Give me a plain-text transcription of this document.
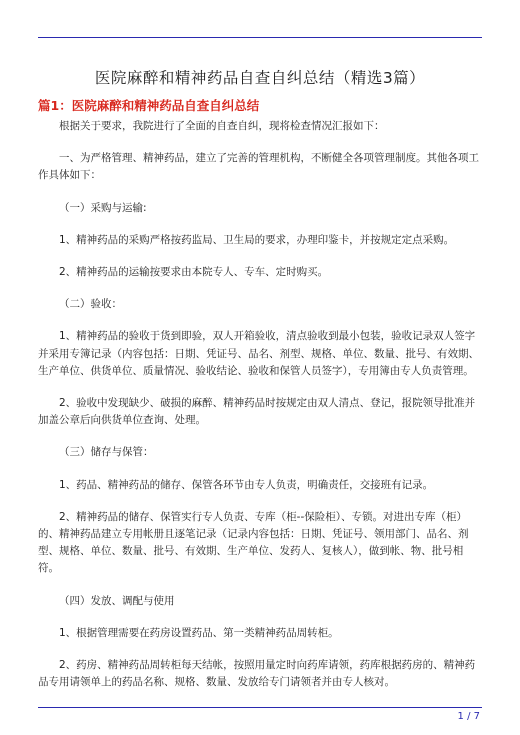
医院麻醉和精神药品自查自纠总结（精选3篇）
篇1：医院麻醉和精神药品自查自纠总结

根据关于要求，我院进行了全面的自查自纠，现将检查情况汇报如下：

一、为严格管理、精神药品，建立了完善的管理机构，不断健全各项管理制度。其他各项工作具体如下：

（一）采购与运输:

1、精神药品的采购严格按药监局、卫生局的要求，办理印鉴卡，并按规定定点采购。

2、精神药品的运输按要求由本院专人、专车、定时购买。

（二）验收：

1、精神药品的验收于货到即验，双人开箱验收，清点验收到最小包装，验收记录双人签字并采用专簿记录（内容包括：日期、凭证号、品名、剂型、规格、单位、数量、批号、有效期、生产单位、供货单位、质量情况、验收结论、验收和保管人员签字），专用簿由专人负责管理。

2、验收中发现缺少、破损的麻醉、精神药品时按规定由双人清点、登记，报院领导批准并加盖公章后向供货单位查询、处理。

（三）储存与保管：

1、药品、精神药品的储存、保管各环节由专人负责，明确责任，交接班有记录。

2、精神药品的储存、保管实行专人负责、专库（柜--保险柜）、专锁。对进出专库（柜）的、精神药品建立专用帐册且逐笔记录（记录内容包括：日期、凭证号、领用部门、品名、剂型、规格、单位、数量、批号、有效期、生产单位、发药人、复核人），做到帐、物、批号相符。

（四）发放、调配与使用

1、根据管理需要在药房设置药品、第一类精神药品周转柜。

2、药房、精神药品周转柜每天结帐，按照用量定时向药库请领，药库根据药房的、精神药品专用请领单上的药品名称、规格、数量、发放给专门请领者并由专人核对。

1 / 7
